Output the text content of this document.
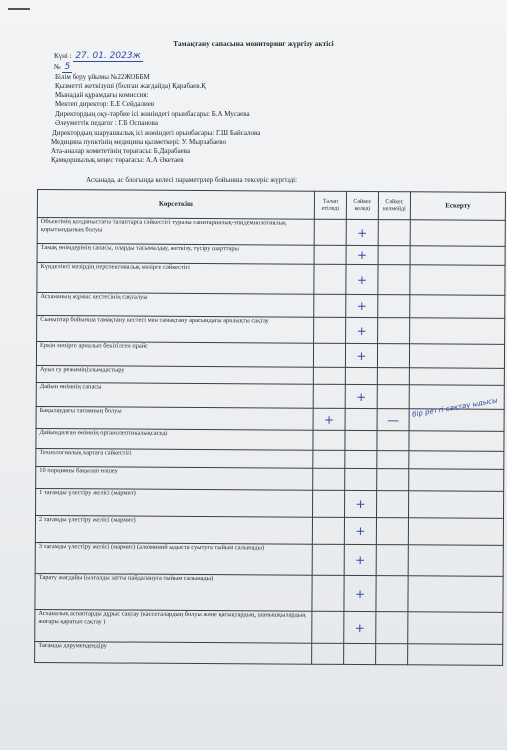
Тамақтану сапасына мониторинг жүргізу актісі
Күні : 27. 01. 2023ж
№ 5
Білім беру ұйымы №22ЖОББМ
Қызметті жеткізуші (болған жағдайда) Қарабаев.Қ
Мынадай құрамдағы комиссия:
Мектеп директор: Е.Е Сейдалиев
Директордың оқу-тәрбие ісі жөніндегі орынбасары: Б.А Мусаева
Әлеуметтік педагог : Г.Б Оспанова
Директордың шаруашылық ісі жөніндегі орынбасары: Г.Ш Байсалова
Медицина пунктінің медицина қызметкері: У. Мырзабаево
Ата-аналар комитетінің төрағасы: Б.Дарабаева
Қамқоршылық кеңес төрағасы: А.А Әкетаев
Асханада, ас блогында келесі параметрлер бойынша тексеріс жүргізді:
Көрсеткіш	Талап етіледі	Сәйкес келеді	Сәйкес келмейді	Ескерту
Объектінің қолданыстағы талаптарға сәйкестігі туралы санитариялық-эпидемиологиялық қорытындының болуы		+		
Тамақ өнімдерінің сапасы, оларды тасымалдау, жеткізу, түсіру шарттары		+		
Күнделікті мәзірдің перспективалық мәзірге сәйкестігі		+		
Асхананың жұмыс кестесінің сақталуы		+		
Сыныптар бойынша тамақтану кестесі мен тамақтану арасындағы аралықты сақтау		+		
Еркін мәзірге арналып бекітілген прайс		+		
Ауыз су режиміңізлымдастыру				
Дайын өнімнің сапасы		+		
Бақылаудағы тағамның болуы	+		—	бір ретті сақтау ыдысы

Дайындалған өнімнің органолептикалықсаседі				
Технологиялық картаға сәйкестігі				
10 порцияны бақылап өлшеу				
1 тағамды үлестіру желісі (мармит)		+		
2 тағамды үлестіру желісі (мармит)		+		
3 тағамды үлестіру желісі (мармит) (алюминий ыдыста суытуға тыйым салынады)		+		
Тарату жағдайы (ылғалды затты пайдалануға тыйым салынады)		+		
Асханалық аспаптарды дұрыс сақтау (кассеталардың болуы және қасықтардың, шанышқылардың жоғары қаратып сақтау )		+		
Тағамды дәрумендендіру				
